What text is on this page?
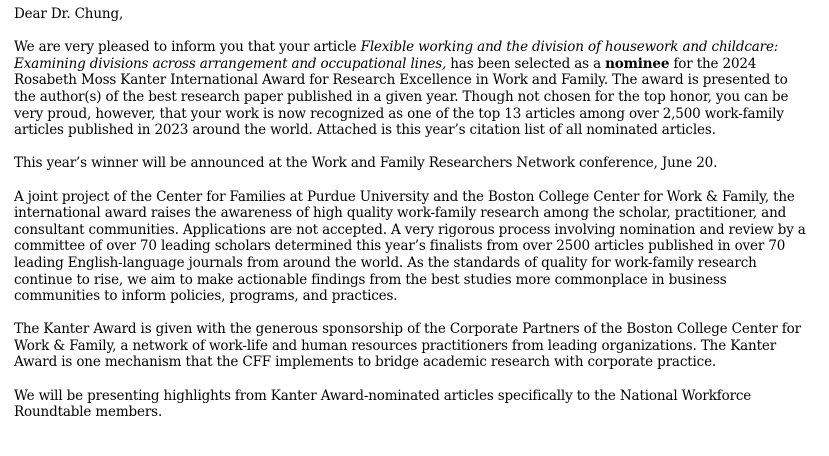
Dear Dr. Chung,
We are very pleased to inform you that your article Flexible working and the division of housework and childcare:
Examining divisions across arrangement and occupational lines, has been selected as a nominee for the 2024
Rosabeth Moss Kanter International Award for Research Excellence in Work and Family. The award is presented to
the author(s) of the best research paper published in a given year. Though not chosen for the top honor, you can be
very proud, however, that your work is now recognized as one of the top 13 articles among over 2,500 work-family
articles published in 2023 around the world. Attached is this year’s citation list of all nominated articles.
This year’s winner will be announced at the Work and Family Researchers Network conference, June 20.
A joint project of the Center for Families at Purdue University and the Boston College Center for Work & Family, the
international award raises the awareness of high quality work-family research among the scholar, practitioner, and
consultant communities. Applications are not accepted. A very rigorous process involving nomination and review by a
committee of over 70 leading scholars determined this year’s finalists from over 2500 articles published in over 70
leading English-language journals from around the world. As the standards of quality for work-family research
continue to rise, we aim to make actionable findings from the best studies more commonplace in business
communities to inform policies, programs, and practices.
The Kanter Award is given with the generous sponsorship of the Corporate Partners of the Boston College Center for
Work & Family, a network of work-life and human resources practitioners from leading organizations. The Kanter
Award is one mechanism that the CFF implements to bridge academic research with corporate practice.
We will be presenting highlights from Kanter Award-nominated articles specifically to the National Workforce
Roundtable members.
